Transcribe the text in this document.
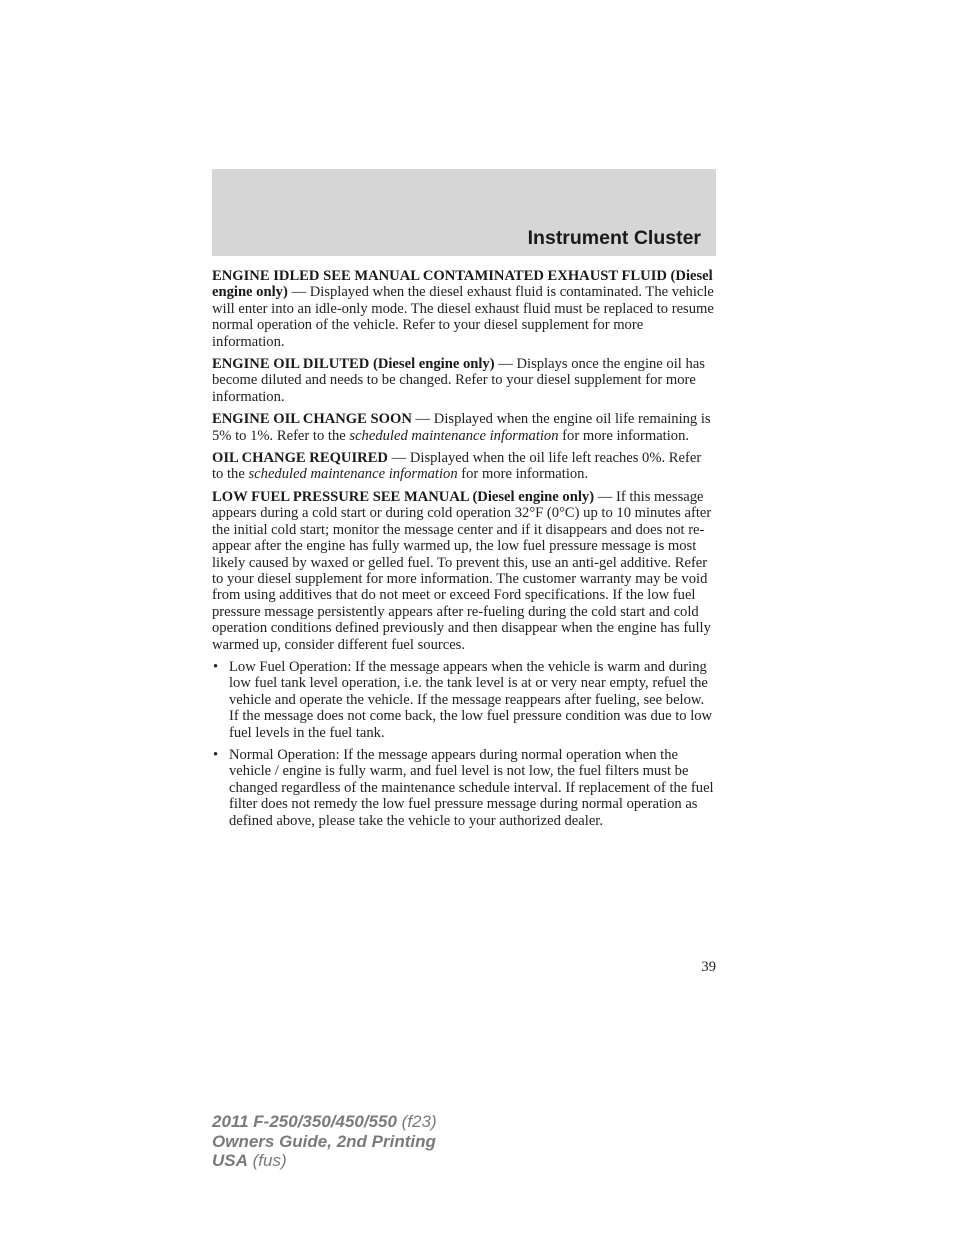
Instrument Cluster

ENGINE IDLED SEE MANUAL CONTAMINATED EXHAUST FLUID (Diesel engine only) — Displayed when the diesel exhaust fluid is contaminated. The vehicle will enter into an idle-only mode. The diesel exhaust fluid must be replaced to resume normal operation of the vehicle. Refer to your diesel supplement for more information.

ENGINE OIL DILUTED (Diesel engine only) — Displays once the engine oil has become diluted and needs to be changed. Refer to your diesel supplement for more information.

ENGINE OIL CHANGE SOON — Displayed when the engine oil life remaining is 5% to 1%. Refer to the scheduled maintenance information for more information.

OIL CHANGE REQUIRED — Displayed when the oil life left reaches 0%. Refer to the scheduled maintenance information for more information.

LOW FUEL PRESSURE SEE MANUAL (Diesel engine only) — If this message appears during a cold start or during cold operation 32°F (0°C) up to 10 minutes after the initial cold start; monitor the message center and if it disappears and does not re-appear after the engine has fully warmed up, the low fuel pressure message is most likely caused by waxed or gelled fuel. To prevent this, use an anti-gel additive. Refer to your diesel supplement for more information. The customer warranty may be void from using additives that do not meet or exceed Ford specifications. If the low fuel pressure message persistently appears after re-fueling during the cold start and cold operation conditions defined previously and then disappear when the engine has fully warmed up, consider different fuel sources.

• Low Fuel Operation: If the message appears when the vehicle is warm and during low fuel tank level operation, i.e. the tank level is at or very near empty, refuel the vehicle and operate the vehicle. If the message reappears after fueling, see below. If the message does not come back, the low fuel pressure condition was due to low fuel levels in the fuel tank.
• Normal Operation: If the message appears during normal operation when the vehicle / engine is fully warm, and fuel level is not low, the fuel filters must be changed regardless of the maintenance schedule interval. If replacement of the fuel filter does not remedy the low fuel pressure message during normal operation as defined above, please take the vehicle to your authorized dealer.
39
2011 F-250/350/450/550 (f23)
Owners Guide, 2nd Printing
USA (fus)
